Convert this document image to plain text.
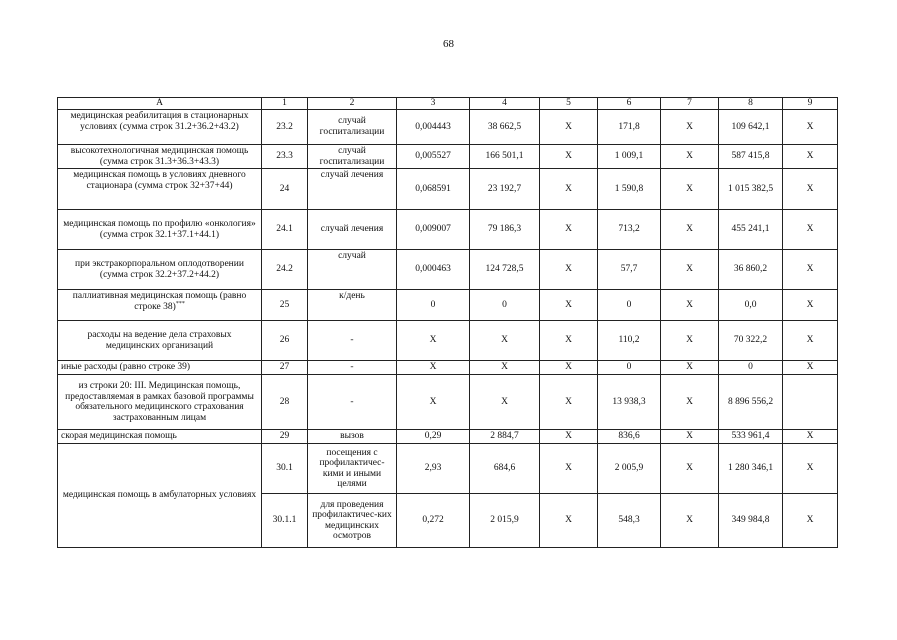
68
А	1	2	3	4	5	6	7	8	9
медицинская реабилитация в стационарных условиях (сумма строк 31.2+36.2+43.2)	23.2	случай госпитализации	0,004443	38 662,5	Х	171,8	Х	109 642,1	Х
высокотехнологичная медицинская помощь (сумма строк 31.3+36.3+43.3)	23.3	случай госпитализации	0,005527	166 501,1	Х	1 009,1	Х	587 415,8	Х
медицинская помощь в условиях дневного стационара (сумма строк 32+37+44)	24	случай лечения	0,068591	23 192,7	Х	1 590,8	Х	1 015 382,5	Х
медицинская помощь по профилю «онкология» (сумма строк 32.1+37.1+44.1)	24.1	случай лечения	0,009007	79 186,3	Х	713,2	Х	455 241,1	Х
при экстракорпоральном оплодотворении (сумма строк 32.2+37.2+44.2)	24.2	случай	0,000463	124 728,5	Х	57,7	Х	36 860,2	Х
паллиативная медицинская помощь (равно строке 38)***	25	к/день	0	0	Х	0	Х	0,0	Х
расходы на ведение дела страховых медицинских организаций	26	-	Х	Х	Х	110,2	Х	70 322,2	Х
иные расходы (равно строке 39)	27	-	Х	Х	Х	0	Х	0	Х
из строки 20: III. Медицинская помощь, предоставляемая в рамках базовой программы обязательного медицинского страхования застрахованным лицам	28	-	Х	Х	Х	13 938,3	Х	8 896 556,2	
скорая медицинская помощь	29	вызов	0,29	2 884,7	Х	836,6	Х	533 961,4	Х
медицинская помощь в амбулаторных условиях	30.1	посещения с профилактичес-кими и иными целями	2,93	684,6	Х	2 005,9	Х	1 280 346,1	Х
	30.1.1	для проведения профилактичес-ких медицинских осмотров	0,272	2 015,9	Х	548,3	Х	349 984,8	Х
